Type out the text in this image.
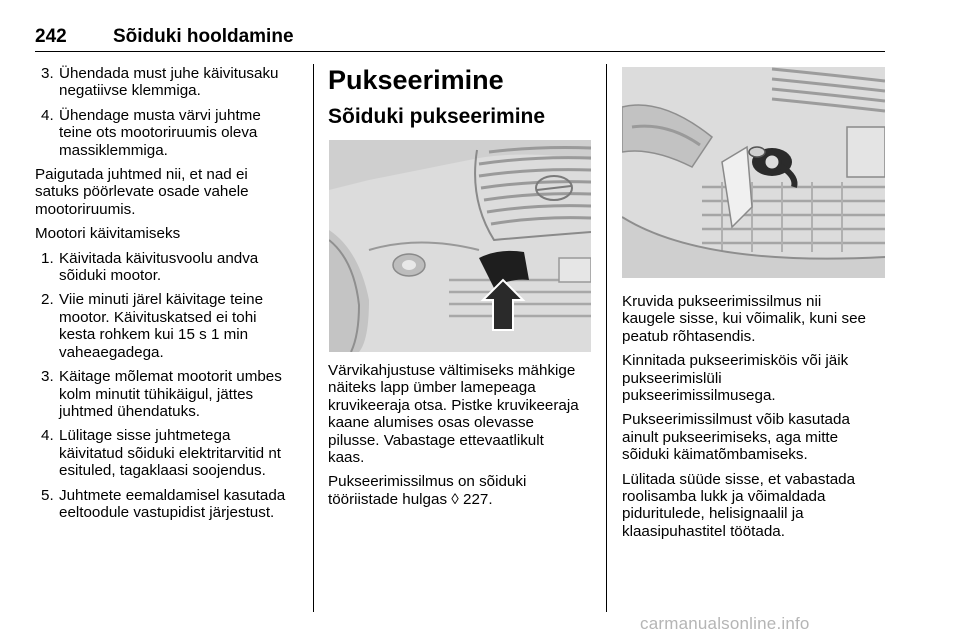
242 Sõiduki hooldamine
3. Ühendada must juhe käivitusaku
negatiivse klemmiga.
4. Ühendage musta värvi juhtme
teine ots mootoriruumis oleva
massiklemmiga.
Paigutada juhtmed nii, et nad ei
satuks pöörlevate osade vahele
mootoriruumis.
Mootori käivitamiseks
1. Käivitada käivitusvoolu andva
sõiduki mootor.
2. Viie minuti järel käivitage teine
mootor. Käivituskatsed ei tohi
kesta rohkem kui 15 s 1 min
vaheaegadega.
3. Käitage mõlemat mootorit umbes
kolm minutit tühikäigul, jättes
juhtmed ühendatuks.
4. Lülitage sisse juhtmetega
käivitatud sõiduki elektritarvitid nt
esituled, tagaklaasi soojendus.
5. Juhtmete eemaldamisel kasutada
eeltoodule vastupidist järjestust.
Pukseerimine
Sõiduki pukseerimine
Värvikahjustuse vältimiseks mähkige
näiteks lapp ümber lamepeaga
kruvikeeraja otsa. Pistke kruvikeeraja
kaane alumises osas olevasse
pilusse. Vabastage ettevaatlikult
kaas.
Pukseerimissilmus on sõiduki
tööriistade hulgas ◊ 227.
Kruvida pukseerimissilmus nii
kaugele sisse, kui võimalik, kuni see
peatub rõhtasendis.
Kinnitada pukseerimisköis või jäik
pukseerimislüli
pukseerimissilmusega.
Pukseerimissilmust võib kasutada
ainult pukseerimiseks, aga mitte
sõiduki käimatõmbamiseks.
Lülitada süüde sisse, et vabastada
roolisamba lukk ja võimaldada
piduritulede, helisignaalil ja
klaasipuhastitel töötada.
carmanualsonline.info
